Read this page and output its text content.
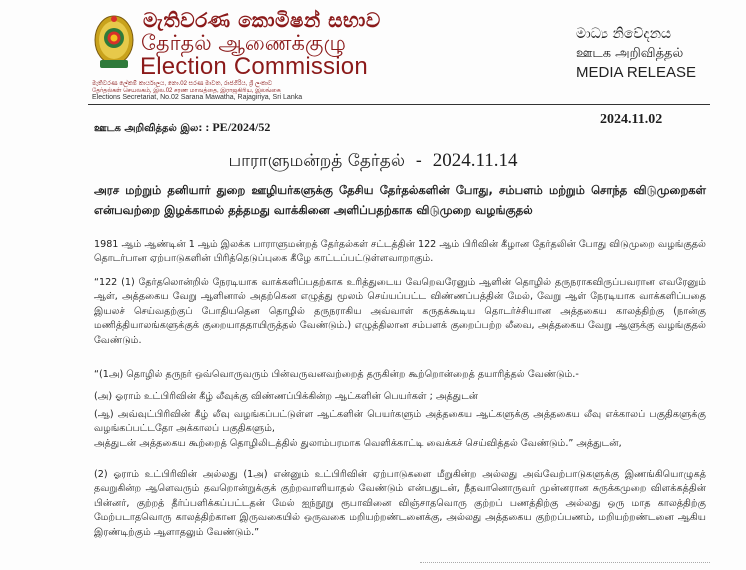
මැතිවරණ කොමිෂන් සභාව
தேர்தல் ஆணைக்குழு
Election Commission
මැතිවරණ ලේකම් කාර්යාලය, නො.02 සරණ මාවත, රාජගිරිය, ශ්‍රී ලංකාව
தேர்தல்கள் செயலகம், இல.02 சரண மாவத்தை, இராஜகிரிய, இலங்கை
Elections Secretariat, No.02 Sarana Mawatha, Rajagiriya, Sri Lanka
මාධ්‍ය නිවේදනය
ஊடக அறிவித்தல்
MEDIA RELEASE
ஊடக அறிவித்தல் இல: : PE/2024/52	2024.11.02
பாராளுமன்றத் தேர்தல்  -  2024.11.14
அரச மற்றும் தனியார் துறை ஊழியர்களுக்கு தேசிய தேர்தல்களின் போது, சம்பளம் மற்றும் சொந்த விடுமுறைகள் என்பவற்றை இழக்காமல் தத்தமது வாக்கினை அளிப்பதற்காக விடுமுறை வழங்குதல்
1981 ஆம் ஆண்டின் 1 ஆம் இலக்க பாராளுமன்றத் தேர்தல்கள் சட்டத்தின் 122 ஆம் பிரிவின் கீழான தேர்தலின் போது விடுமுறை வழங்குதல் தொடர்பான ஏற்பாடுகளின் பிரித்தெடுப்புகை கீழே காட்டப்பட்டுள்ளவாறாகும்.
“122 (1) தேர்தலொன்றில் நேரடியாக வாக்களிப்பதற்காக உரித்துடைய வேறெவரேனும் ஆளின் தொழில் தருநராகவிருப்பவரான எவரேனும் ஆள், அத்தகைய வேறு ஆளினால் அதற்கென எழுத்து மூலம் செய்யப்பட்ட விண்ணப்பத்தின் மேல், வேறு ஆள் நேரடியாக வாக்களிப்பதை இயலச் செய்வதற்குப் போதியதென தொழில் தருநராகிய அவ்வாள் கருதக்கூடிய தொடர்ச்சியான அத்தகைய காலத்திற்கு (நான்கு மணித்தியாலங்களுக்குக் குறையாததாயிருத்தல் வேண்டும்.) எழுத்திலான சம்பளக் குறைப்பற்ற லீவை, அத்தகைய வேறு ஆளுக்கு வழங்குதல் வேண்டும்.
“(1அ) தொழில் தருநர் ஒவ்வொருவரும் பின்வருவனவற்றைத் தருகின்ற கூற்றொன்றைத் தயாரித்தல் வேண்டும்.-
(அ) ஓராம் உட்பிரிவின் கீழ் லீவுக்கு விண்ணப்பிக்கின்ற ஆட்களின் பெயர்கள் ; அத்துடன்
(ஆ) அவ்வுட்பிரிவின் கீழ் லீவு வழங்கப்பட்டுள்ள ஆட்களின் பெயர்களும் அத்தகைய ஆட்களுக்கு அத்தகைய லீவு எக்காலப் பகுதிகளுக்கு வழங்கப்பட்டதோ அக்காலப் பகுதிகளும்,
அத்துடன் அத்தகைய கூற்றைத் தொழிலிடத்தில் துலாம்பரமாக வெளிக்காட்டி வைக்கச் செய்வித்தல் வேண்டும்.” அத்துடன்,
(2) ஓராம் உட்பிரிவின் அல்லது (1அ) என்னும் உட்பிரிவின் ஏற்பாடுகளை மீறுகின்ற அல்லது அவ்வேற்பாடுகளுக்கு இணங்கியொழுகத் தவறுகின்ற ஆளெவரும் தவறொன்றுக்குக் குற்றவாளியாதல் வேண்டும் என்பதுடன், நீதவானொருவர் முன்னரான சுருக்கமுறை விளக்கத்தின் பின்னர், குற்றத் தீர்ப்பளிக்கப்பட்டதன் மேல் ஐந்நூறு ரூபாவினை விஞ்சாதவொரு குற்றப் பணத்திற்கு அல்லது ஒரு மாத காலத்திற்கு மேற்படாதவொரு காலத்திற்கான இருவகையில் ஒருவகை மறியற்றண்டனைக்கு, அல்லது அத்தகைய குற்றப்பணம், மறியற்றண்டனை ஆகிய இரண்டிற்கும் ஆளாதலும் வேண்டும்.”
